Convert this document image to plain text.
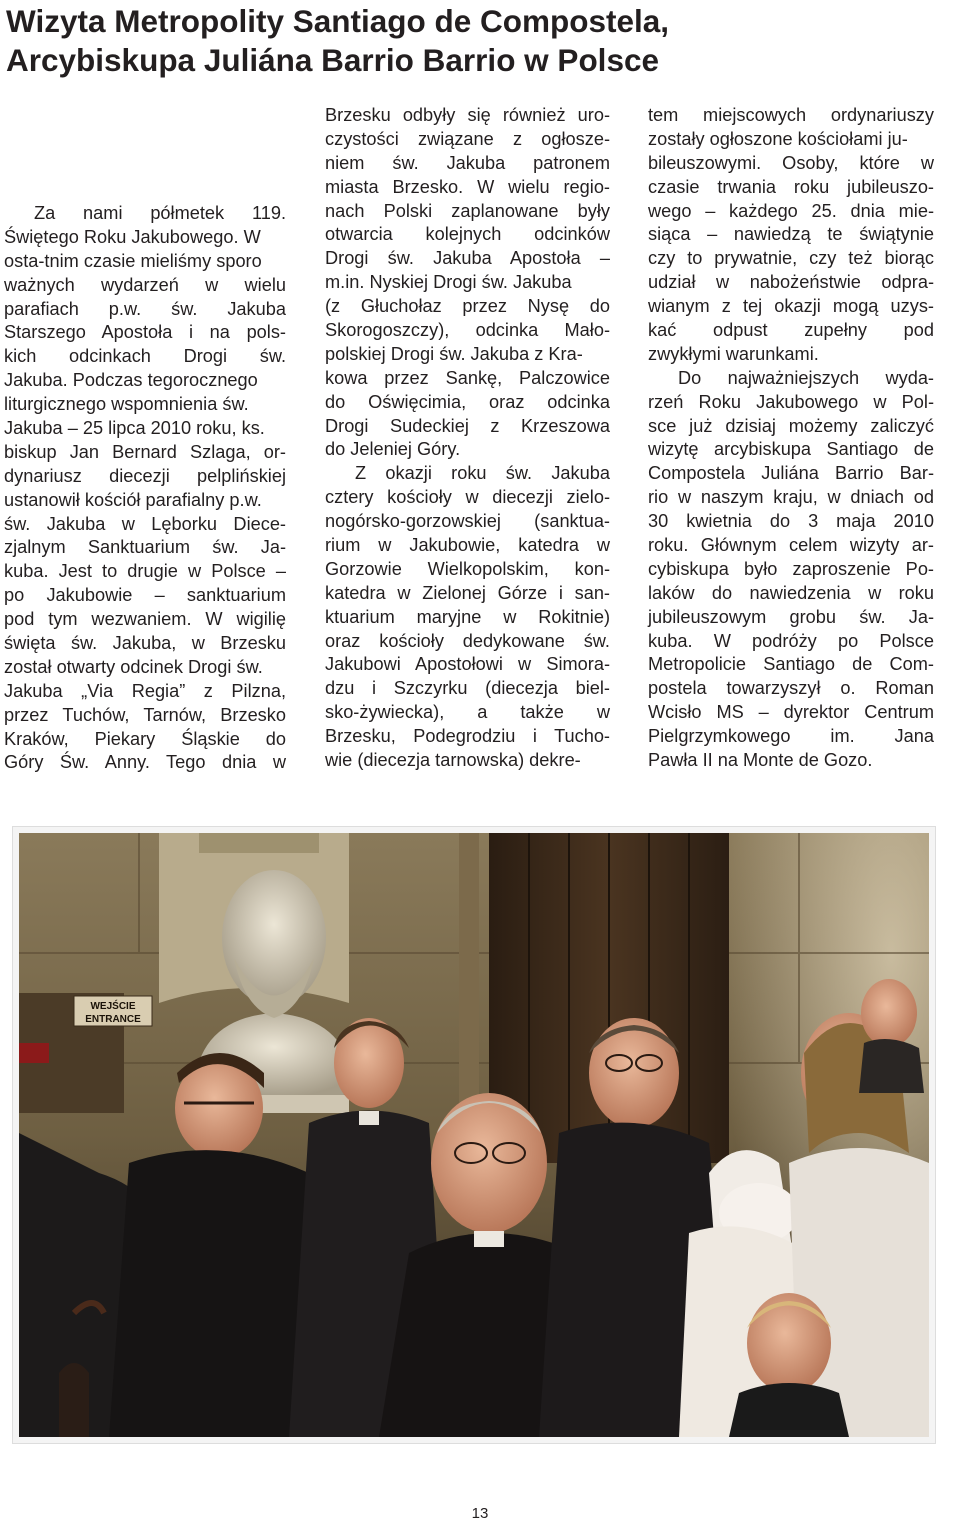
Wizyta Metropolity Santiago de Compostela,
Arcybiskupa Juliána Barrio Barrio w Polsce
Za nami półmetek 119.
Świętego Roku Jakubowego. W
osta-tnim czasie mieliśmy sporo
ważnych wydarzeń w wielu
parafiach p.w. św. Jakuba
Starszego Apostoła i na pols-
kich odcinkach Drogi św.
Jakuba. Podczas tegorocznego
liturgicznego wspomnienia św.
Jakuba – 25 lipca 2010 roku, ks.
biskup Jan Bernard Szlaga, or-
dynariusz diecezji pelplińskiej
ustanowił kościół parafialny p.w.
św. Jakuba w Lęborku Diece-
zjalnym Sanktuarium św. Ja-
kuba. Jest to drugie w Polsce –
po Jakubowie – sanktuarium
pod tym wezwaniem. W wigilię
święta św. Jakuba, w Brzesku
został otwarty odcinek Drogi św.
Jakuba „Via Regia” z Pilzna,
przez Tuchów, Tarnów, Brzesko
Kraków, Piekary Śląskie do
Góry Św. Anny. Tego dnia w
Brzesku odbyły się również uro-
czystości związane z ogłosze-
niem św. Jakuba patronem
miasta Brzesko. W wielu regio-
nach Polski zaplanowane były
otwarcia kolejnych odcinków
Drogi św. Jakuba Apostoła –
m.in. Nyskiej Drogi św. Jakuba
(z Głuchołaz przez Nysę do
Skorogoszczy), odcinka Mało-
polskiej Drogi św. Jakuba z Kra-
kowa przez Sankę, Palczowice
do Oświęcimia, oraz odcinka
Drogi Sudeckiej z Krzeszowa
do Jeleniej Góry.
Z okazji roku św. Jakuba
cztery kościoły w diecezji zielo-
nogórsko-gorzowskiej (sanktua-
rium w Jakubowie, katedra w
Gorzowie Wielkopolskim, kon-
katedra w Zielonej Górze i san-
ktuarium maryjne w Rokitnie)
oraz kościoły dedykowane św.
Jakubowi Apostołowi w Simora-
dzu i Szczyrku (diecezja biel-
sko-żywiecka), a także w
Brzesku, Podegrodziu i Tucho-
wie (diecezja tarnowska) dekre-
tem miejscowych ordynariuszy
zostały ogłoszone kościołami ju-
bileuszowymi. Osoby, które w
czasie trwania roku jubileuszo-
wego – każdego 25. dnia mie-
siąca – nawiedzą te świątynie
czy to prywatnie, czy też biorąc
udział w nabożeństwie odpra-
wianym z tej okazji mogą uzys-
kać odpust zupełny pod
zwykłymi warunkami.
Do najważniejszych wyda-
rzeń Roku Jakubowego w Pol-
sce już dzisiaj możemy zaliczyć
wizytę arcybiskupa Santiago de
Compostela Juliána Barrio Bar-
rio w naszym kraju, w dniach od
30 kwietnia do 3 maja 2010
roku. Głównym celem wizyty ar-
cybiskupa było zaproszenie Po-
laków do nawiedzenia w roku
jubileuszowym grobu św. Ja-
kuba. W podróży po Polsce
Metropolicie Santiago de Com-
postela towarzyszył o. Roman
Wcisło MS – dyrektor Centrum
Pielgrzymkowego im. Jana
Pawła II na Monte de Gozo.
WEJŚCIE
ENTRANCE
13
